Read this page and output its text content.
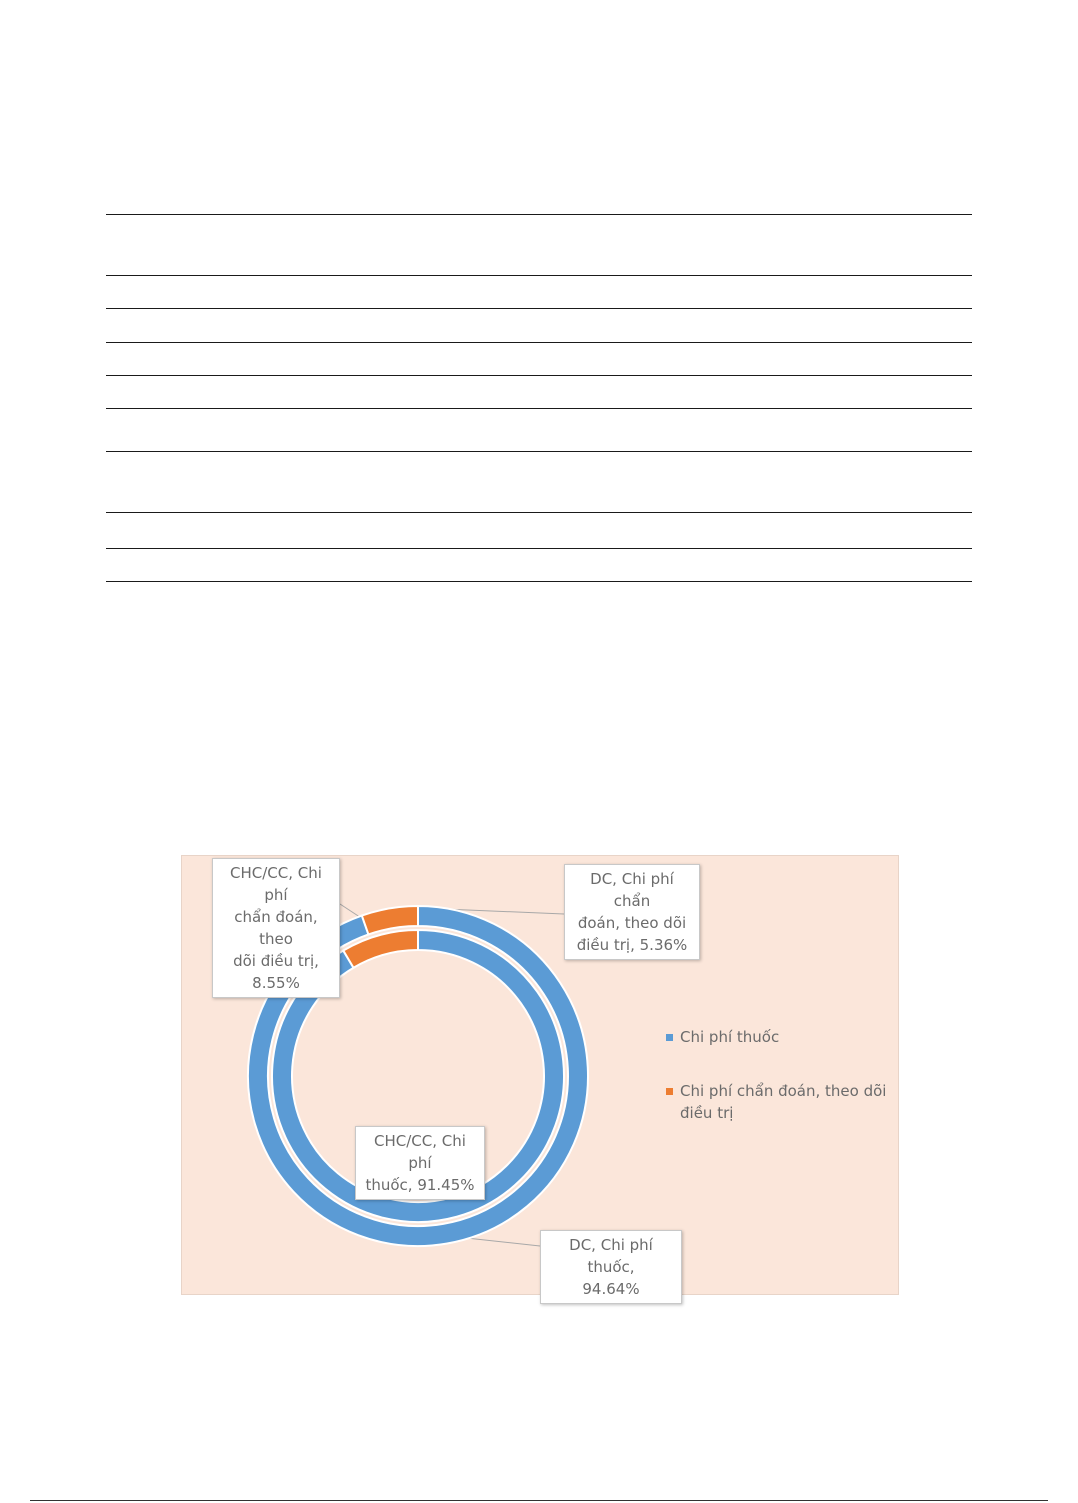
DC, Chi phí thuốc,
94.64%
DC, Chi phí chẩn
đoán, theo dõi
điều trị, 5.36%
CHC/CC, Chi phí
thuốc, 91.45%
CHC/CC, Chi phí
chẩn đoán, theo
dõi điều trị,
8.55%
Chi phí thuốc
Chi phí chẩn đoán, theo dõi điều trị
